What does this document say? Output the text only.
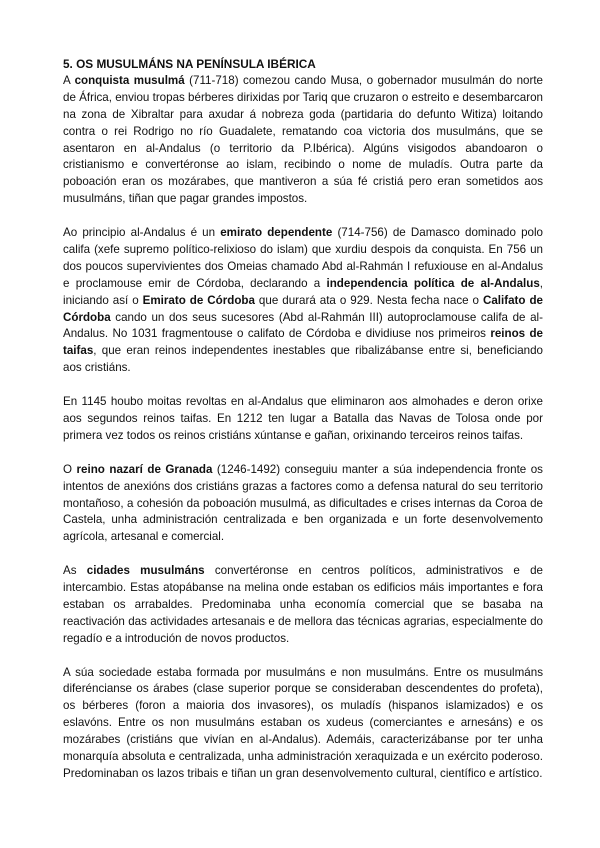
5. OS MUSULMÁNS NA PENÍNSULA IBÉRICA

A conquista musulmá (711-718) comezou cando Musa, o gobernador musulmán do norte de África, enviou tropas bérberes dirixidas por Tariq que cruzaron o estreito e desembarcaron na zona de Xibraltar para axudar á nobreza goda (partidaria do defunto Witiza) loitando contra o rei Rodrigo no río Guadalete, rematando coa victoria dos musulmáns, que se asentaron en al-Andalus (o territorio da P.Ibérica). Algúns visigodos abandoaron o cristianismo e convertéronse ao islam, recibindo o nome de muladís. Outra parte da poboación eran os mozárabes, que mantiveron a súa fé cristiá pero eran sometidos aos musulmáns, tiñan que pagar grandes impostos.

Ao principio al-Andalus é un emirato dependente (714-756) de Damasco dominado polo califa (xefe supremo político-relixioso do islam) que xurdiu despois da conquista. En 756 un dos poucos supervivientes dos Omeias chamado Abd al-Rahmán I refuxiouse en al-Andalus e proclamouse emir de Córdoba, declarando a independencia política de al-Andalus, iniciando así o Emirato de Córdoba que durará ata o 929. Nesta fecha nace o Califato de Córdoba cando un dos seus sucesores (Abd al-Rahmán III) autoproclamouse califa de al-Andalus. No 1031 fragmentouse o califato de Córdoba e dividiuse nos primeiros reinos de taifas, que eran reinos independentes inestables que ribalizábanse entre si, beneficiando aos cristiáns.

En 1145 houbo moitas revoltas en al-Andalus que eliminaron aos almohades e deron orixe aos segundos reinos taifas. En 1212 ten lugar a Batalla das Navas de Tolosa onde por primera vez todos os reinos cristiáns xúntanse e gañan, orixinando terceiros reinos taifas.

O reino nazarí de Granada (1246-1492) conseguiu manter a súa independencia fronte os intentos de anexións dos cristiáns grazas a factores como a defensa natural do seu territorio montañoso, a cohesión da poboación musulmá, as dificultades e crises internas da Coroa de Castela, unha administración centralizada e ben organizada e un forte desenvolvemento agrícola, artesanal e comercial.

As cidades musulmáns convertéronse en centros políticos, administrativos e de intercambio. Estas atopábanse na melina onde estaban os edificios máis importantes e fora estaban os arrabaldes. Predominaba unha economía comercial que se basaba na reactivación das actividades artesanais e de mellora das técnicas agrarias, especialmente do regadío e a introdución de novos productos.

A súa sociedade estaba formada por musulmáns e non musulmáns. Entre os musulmáns diferéncianse os árabes (clase superior porque se consideraban descendentes do profeta), os bérberes (foron a maioria dos invasores), os muladís (hispanos islamizados) e os eslavóns. Entre os non musulmáns estaban os xudeus (comerciantes e arnesáns) e os mozárabes (cristiáns que vivían en al-Andalus). Ademáis, caracterizábanse por ter unha monarquía absoluta e centralizada, unha administración xeraquizada e un exército poderoso. Predominaban os lazos tribais e tiñan un gran desenvolvemento cultural, científico e artístico.
